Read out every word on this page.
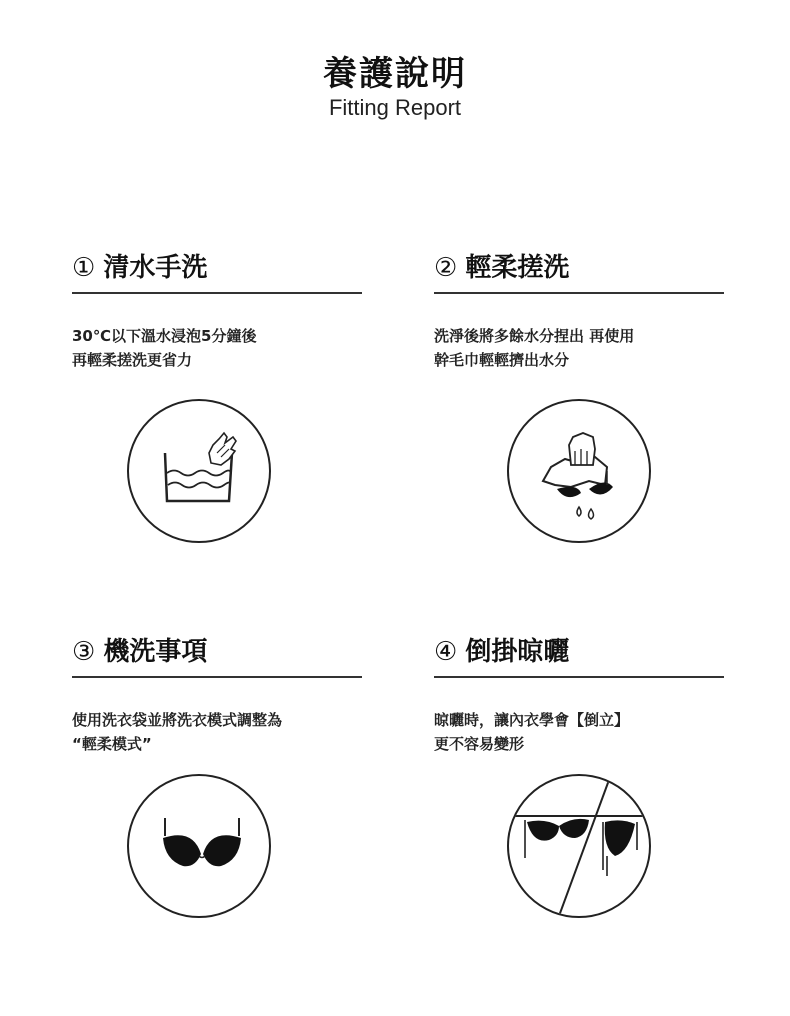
養護說明
Fitting Report
① 清水手洗
30℃以下溫水浸泡5分鐘後
再輕柔搓洗更省力
② 輕柔搓洗
洗淨後將多餘水分捏出 再使用
幹毛巾輕輕擠出水分
③ 機洗事項
使用洗衣袋並將洗衣模式調整為
“輕柔模式”
④ 倒掛晾曬
晾曬時，讓內衣學會【倒立】
更不容易變形
